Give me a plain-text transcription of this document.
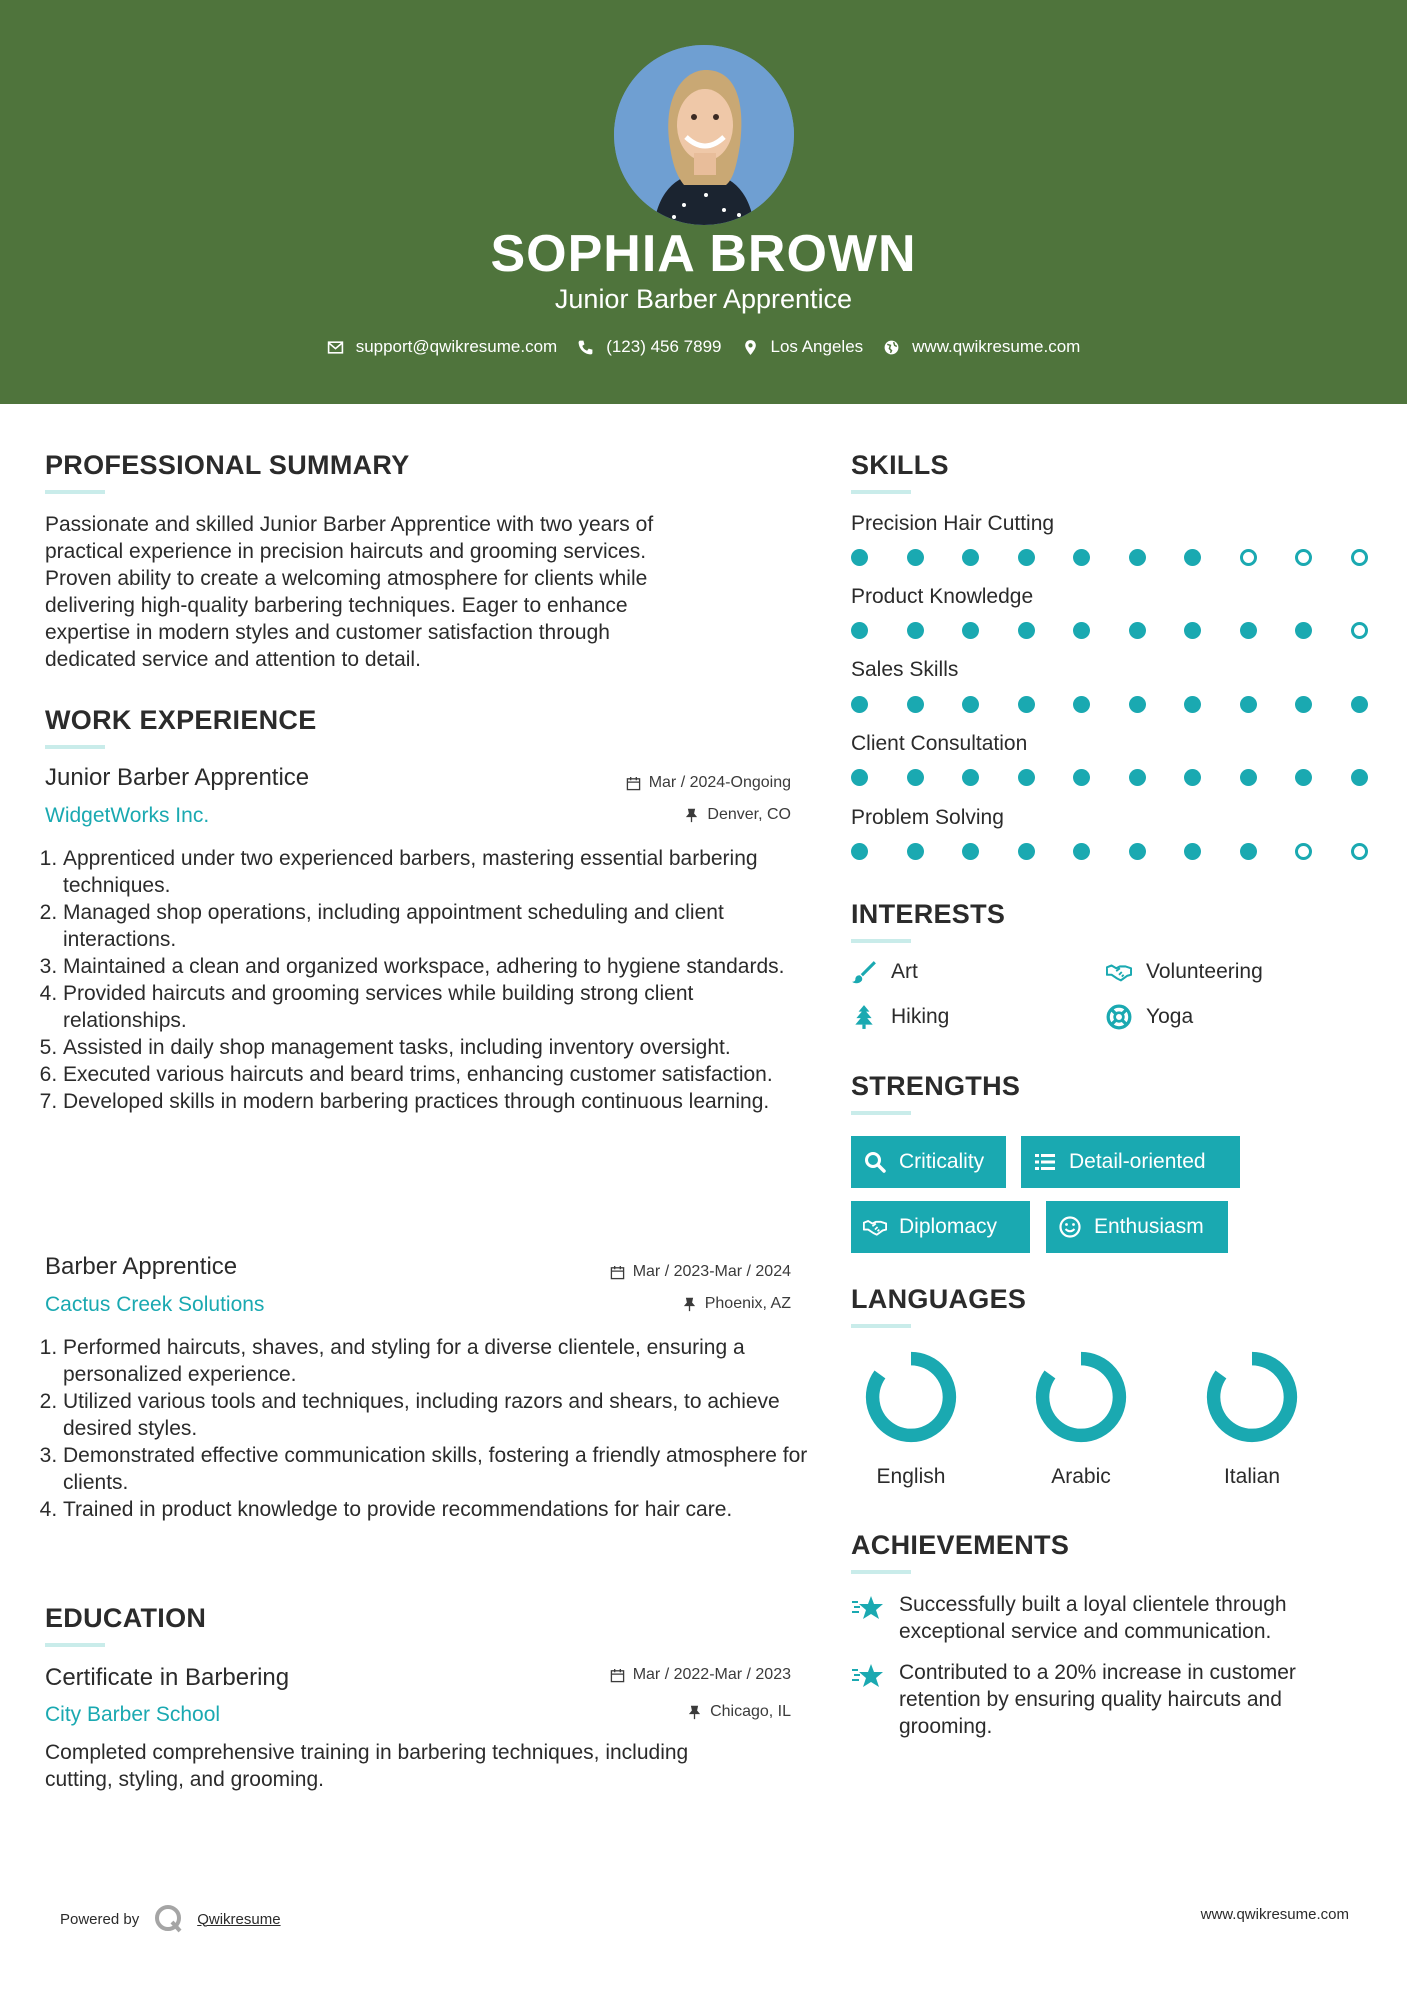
SOPHIA BROWN
Junior Barber Apprentice
support@qwikresume.com	(123) 456 7899	Los Angeles	www.qwikresume.com
PROFESSIONAL SUMMARY
Passionate and skilled Junior Barber Apprentice with two years of
practical experience in precision haircuts and grooming services.
Proven ability to create a welcoming atmosphere for clients while
delivering high-quality barbering techniques. Eager to enhance
expertise in modern styles and customer satisfaction through
dedicated service and attention to detail.
WORK EXPERIENCE
Junior Barber Apprentice	Mar / 2024-Ongoing
WidgetWorks Inc.	Denver, CO
1. Apprenticed under two experienced barbers, mastering essential barbering techniques.
2. Managed shop operations, including appointment scheduling and client interactions.
3. Maintained a clean and organized workspace, adhering to hygiene standards.
4. Provided haircuts and grooming services while building strong client relationships.
5. Assisted in daily shop management tasks, including inventory oversight.
6. Executed various haircuts and beard trims, enhancing customer satisfaction.
7. Developed skills in modern barbering practices through continuous learning.
Barber Apprentice	Mar / 2023-Mar / 2024
Cactus Creek Solutions	Phoenix, AZ
1. Performed haircuts, shaves, and styling for a diverse clientele, ensuring a personalized experience.
2. Utilized various tools and techniques, including razors and shears, to achieve desired styles.
3. Demonstrated effective communication skills, fostering a friendly atmosphere for clients.
4. Trained in product knowledge to provide recommendations for hair care.
EDUCATION
Certificate in Barbering	Mar / 2022-Mar / 2023
City Barber School	Chicago, IL
Completed comprehensive training in barbering techniques, including
cutting, styling, and grooming.
SKILLS
Precision Hair Cutting
Product Knowledge
Sales Skills
Client Consultation
Problem Solving
INTERESTS
Art	Volunteering
Hiking	Yoga
STRENGTHS
Criticality	Detail-oriented
Diplomacy	Enthusiasm
LANGUAGES
English	Arabic	Italian
ACHIEVEMENTS
Successfully built a loyal clientele through
exceptional service and communication.
Contributed to a 20% increase in customer
retention by ensuring quality haircuts and
grooming.
Powered by	Qwikresume	www.qwikresume.com
